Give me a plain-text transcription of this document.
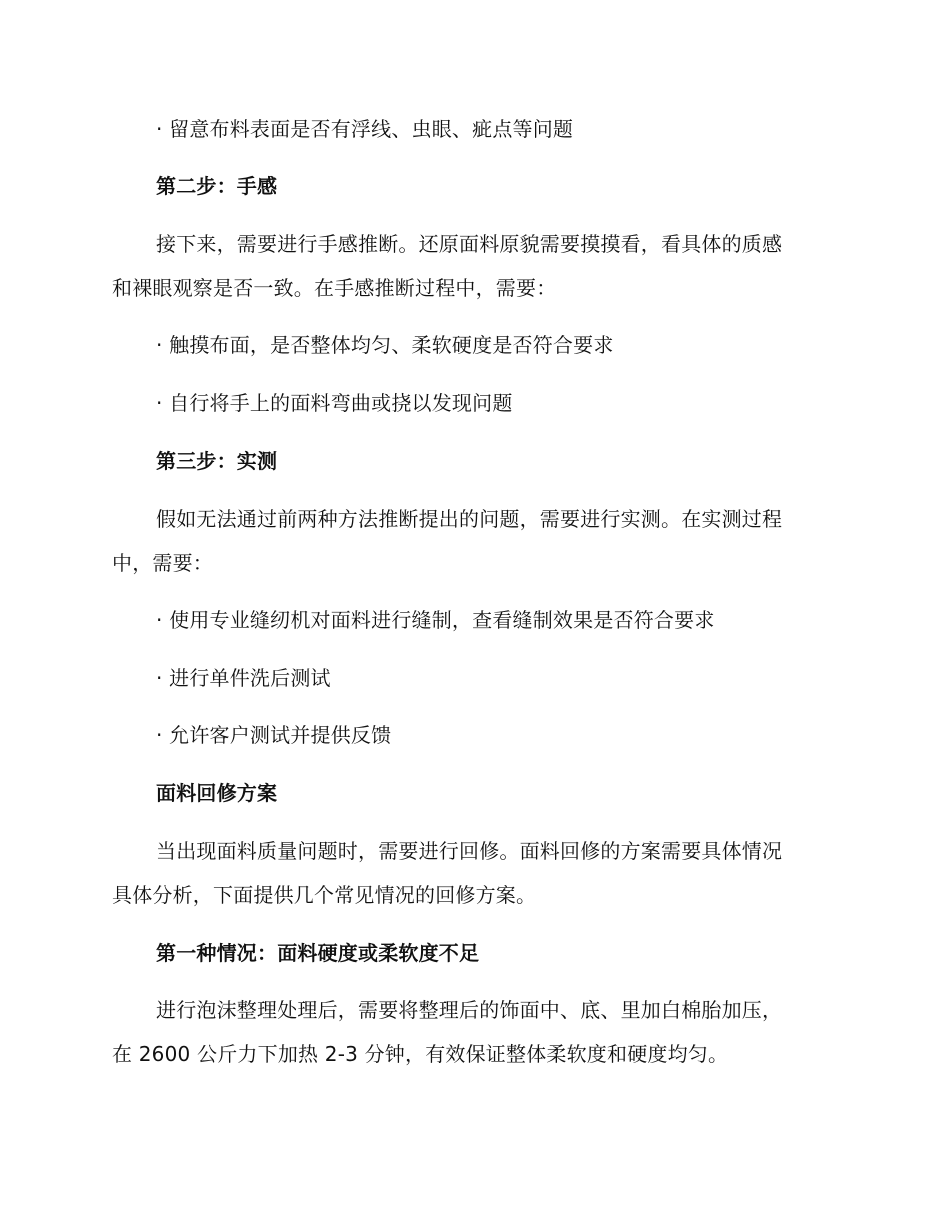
· 留意布料表面是否有浮线、虫眼、疵点等问题
第二步：手感
接下来，需要进行手感推断。还原面料原貌需要摸摸看，看具体的质感
和裸眼观察是否一致。在手感推断过程中，需要：
· 触摸布面，是否整体均匀、柔软硬度是否符合要求
· 自行将手上的面料弯曲或挠以发现问题
第三步：实测
假如无法通过前两种方法推断提出的问题，需要进行实测。在实测过程
中，需要：
· 使用专业缝纫机对面料进行缝制，查看缝制效果是否符合要求
· 进行单件洗后测试
· 允许客户测试并提供反馈
面料回修方案
当出现面料质量问题时，需要进行回修。面料回修的方案需要具体情况
具体分析，下面提供几个常见情况的回修方案。
第一种情况：面料硬度或柔软度不足
进行泡沫整理处理后，需要将整理后的饰面中、底、里加白棉胎加压，
在 2600 公斤力下加热 2-3 分钟，有效保证整体柔软度和硬度均匀。
